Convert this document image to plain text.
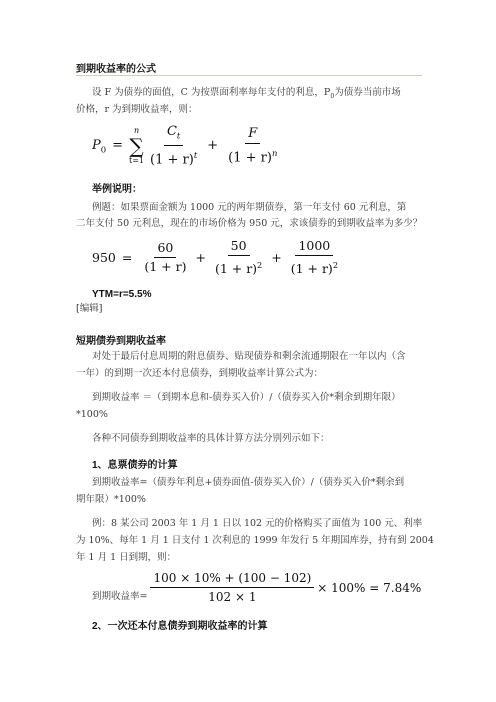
到期收益率的公式
设 F 为债券的面值，C 为按票面利率每年支付的利息，$P_0$为债券当前市场
价格，r 为到期收益率，则：
$P_0$ =
n
∑
$t=1 \frac{C_t}{(1 + r)^t} + \frac{F}{(1 + r)^n}$
举例说明：
例题：如果票面金额为 1000 元的两年期债券，第一年支付 60 元利息，第
二年支付 50 元利息，现在的市场价格为 950 元，求该债券的到期收益率为多少？
$950 = \frac{60}{(1 + r)} + \frac{50}{(1 + r)^2} + \frac{1000}{(1 + r)^2}$
YTM=r=5.5%
[编辑]
短期债券到期收益率
对处于最后付息周期的附息债券、贴现债券和剩余流通期限在一年以内（含
一年）的到期一次还本付息债券，到期收益率计算公式为：
到期收益率 ＝（到期本息和-债券买入价）/（债券买入价*剩余到期年限）
*100%
各种不同债券到期收益率的具体计算方法分别列示如下：
1、息票债券的计算
到期收益率=（债券年利息+债券面值-债券买入价）/（债券买入价*剩余到
期年限）*100%
例：8 某公司 2003 年 1 月 1 日以 102 元的价格购买了面值为 100 元、利率
为 10%、每年 1 月 1 日支付 1 次利息的 1999 年发行 5 年期国库券，持有到 2004
年 1 月 1 日到期，则：
到期收益率= $\frac{100 \times 10\% + (100 - 102)}{102 \times 1} \times 100\% = 7.84\%$
2、一次还本付息债券到期收益率的计算
